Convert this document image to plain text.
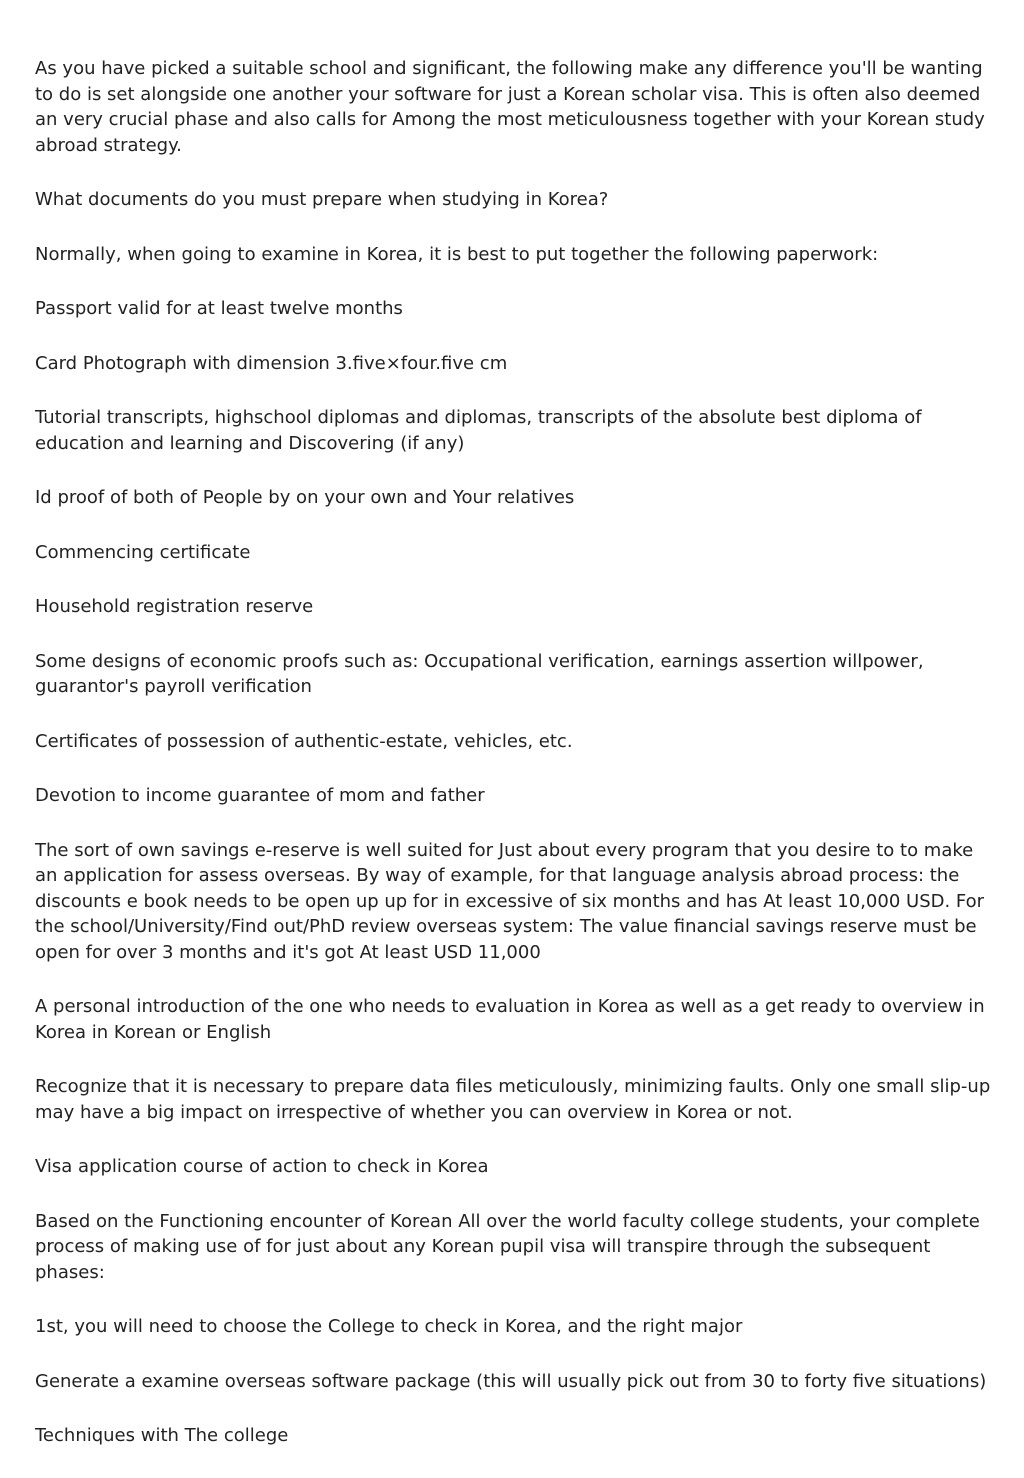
As you have picked a suitable school and significant, the following make any difference you'll be wanting to do is set alongside one another your software for just a Korean scholar visa. This is often also deemed an very crucial phase and also calls for Among the most meticulousness together with your Korean study abroad strategy.

What documents do you must prepare when studying in Korea?

Normally, when going to examine in Korea, it is best to put together the following paperwork:

Passport valid for at least twelve months

Card Photograph with dimension 3.five×four.five cm

Tutorial transcripts, highschool diplomas and diplomas, transcripts of the absolute best diploma of education and learning and Discovering (if any)

Id proof of both of People by on your own and Your relatives

Commencing certificate

Household registration reserve

Some designs of economic proofs such as: Occupational verification, earnings assertion willpower, guarantor's payroll verification

Certificates of possession of authentic-estate, vehicles, etc.

Devotion to income guarantee of mom and father

The sort of own savings e-reserve is well suited for Just about every program that you desire to to make an application for assess overseas. By way of example, for that language analysis abroad process: the discounts e book needs to be open up up for in excessive of six months and has At least 10,000 USD. For the school/University/Find out/PhD review overseas system: The value financial savings reserve must be open for over 3 months and it's got At least USD 11,000

A personal introduction of the one who needs to evaluation in Korea as well as a get ready to overview in Korea in Korean or English

Recognize that it is necessary to prepare data files meticulously, minimizing faults. Only one small slip-up may have a big impact on irrespective of whether you can overview in Korea or not.

Visa application course of action to check in Korea

Based on the Functioning encounter of Korean All over the world faculty college students, your complete process of making use of for just about any Korean pupil visa will transpire through the subsequent phases:

1st, you will need to choose the College to check in Korea, and the right major

Generate a examine overseas software package (this will usually pick out from 30 to forty five situations)

Techniques with The college
